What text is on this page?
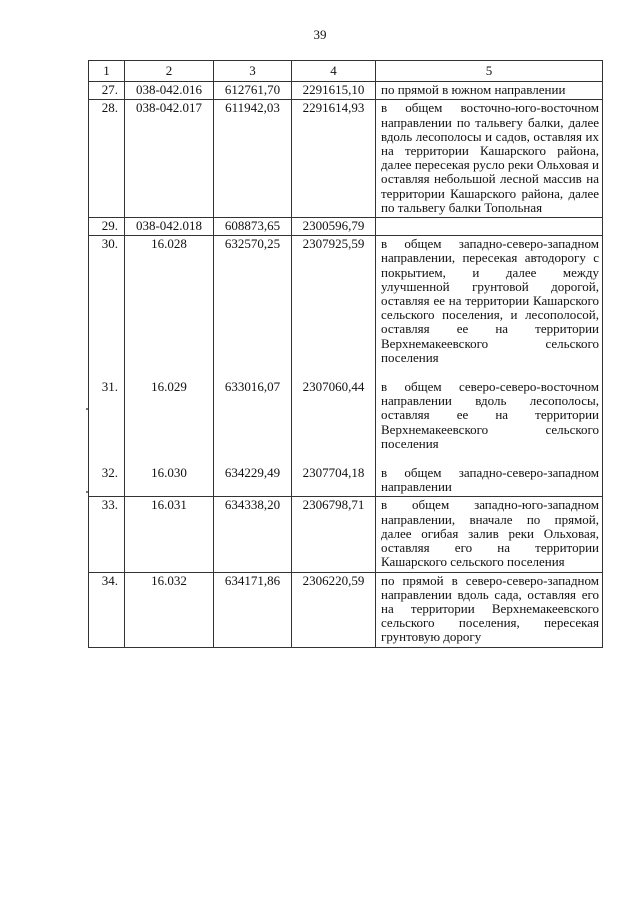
39
1	2	3	4	5
27.	038-042.016	612761,70	2291615,10	по прямой в южном направлении
28.	038-042.017	611942,03	2291614,93	в общем восточно-юго-восточном направлении по тальвегу балки, далее вдоль лесополосы и садов, оставляя их на территории Кашарского района, далее пересекая русло реки Ольховая и оставляя небольшой лесной массив на территории Кашарского района, далее по тальвегу балки Топольная
29.	038-042.018	608873,65	2300596,79	
30.	16.028	632570,25	2307925,59	в общем западно-северо-западном направлении, пересекая автодорогу с покрытием, и далее между улучшенной грунтовой дорогой, оставляя ее на территории Кашарского сельского поселения, и лесополосой, оставляя ее на территории Верхнемакеевского сельского поселения
31.	16.029	633016,07	2307060,44	в общем северо-северо-восточном направлении вдоль лесополосы, оставляя ее на территории Верхнемакеевского сельского поселения
32.	16.030	634229,49	2307704,18	в общем западно-северо-западном направлении
33.	16.031	634338,20	2306798,71	в общем западно-юго-западном направлении, вначале по прямой, далее огибая залив реки Ольховая, оставляя его на территории Кашарского сельского поселения
34.	16.032	634171,86	2306220,59	по прямой в северо-северо-западном направлении вдоль сада, оставляя его на территории Верхнемакеевского сельского поселения, пересекая грунтовую дорогу
